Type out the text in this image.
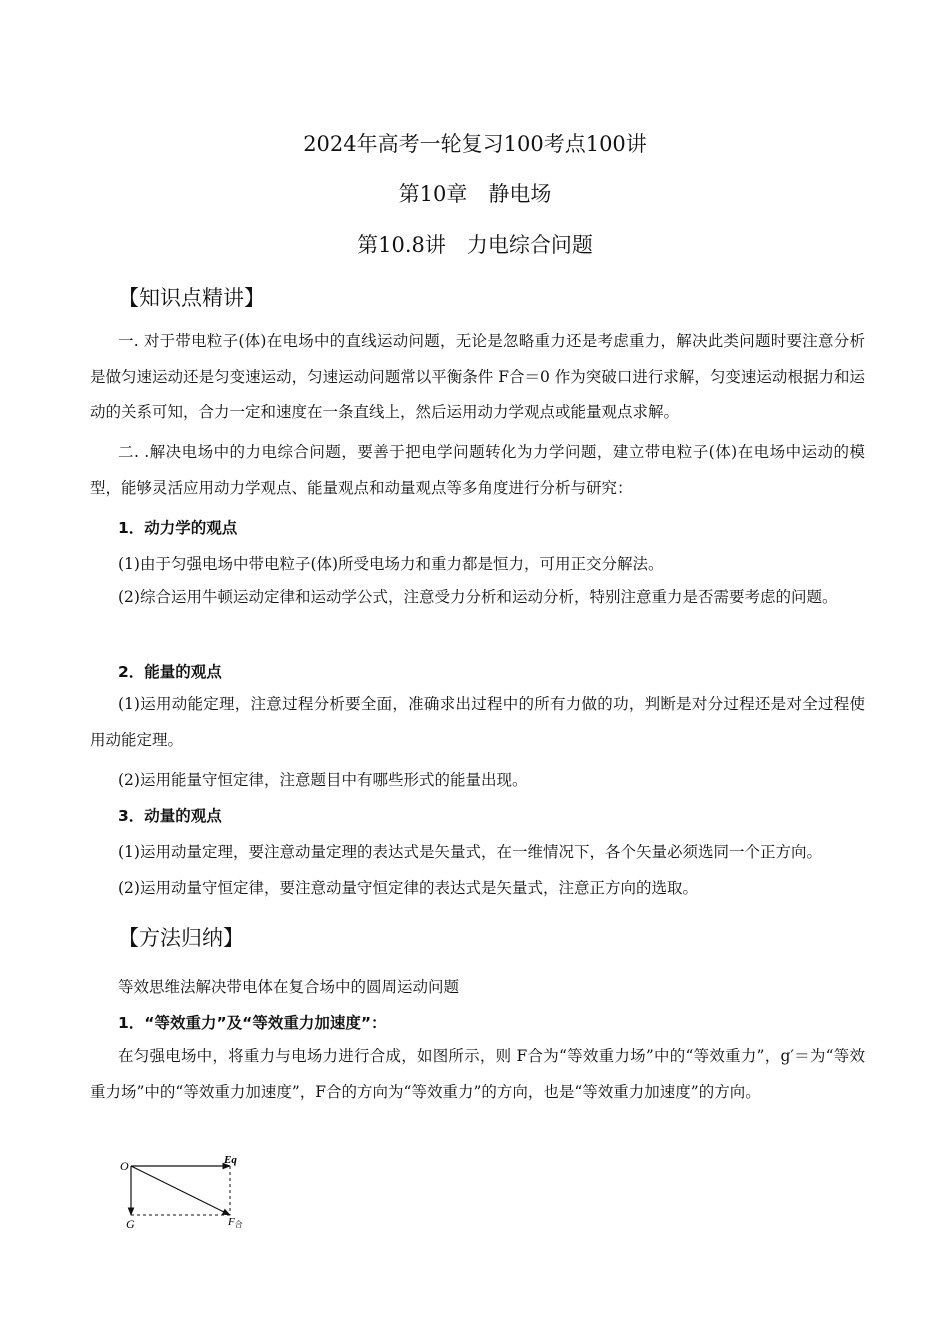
2024年高考一轮复习100考点100讲
第10章　静电场
第10.8讲　力电综合问题
【知识点精讲】

一. 对于带电粒子(体)在电场中的直线运动问题，无论是忽略重力还是考虑重力，解决此类问题时要注意分析是做匀速运动还是匀变速运动，匀速运动问题常以平衡条件 F合＝0 作为突破口进行求解，匀变速运动根据力和运动的关系可知，合力一定和速度在一条直线上，然后运用动力学观点或能量观点求解。

二. .解决电场中的力电综合问题，要善于把电学问题转化为力学问题，建立带电粒子(体)在电场中运动的模型，能够灵活应用动力学观点、能量观点和动量观点等多角度进行分析与研究：

1．动力学的观点
(1)由于匀强电场中带电粒子(体)所受电场力和重力都是恒力，可用正交分解法。

(2)综合运用牛顿运动定律和运动学公式，注意受力分析和运动分析，特别注意重力是否需要考虑的问题。

2．能量的观点

(1)运用动能定理，注意过程分析要全面，准确求出过程中的所有力做的功，判断是对分过程还是对全过程使用动能定理。

(2)运用能量守恒定律，注意题目中有哪些形式的能量出现。
3．动量的观点
(1)运用动量定理，要注意动量定理的表达式是矢量式，在一维情况下，各个矢量必须选同一个正方向。
(2)运用动量守恒定律，要注意动量守恒定律的表达式是矢量式，注意正方向的选取。
【方法归纳】
等效思维法解决带电体在复合场中的圆周运动问题
1．“等效重力”及“等效重力加速度”：

在匀强电场中，将重力与电场力进行合成，如图所示，则 F合为“等效重力场”中的“等效重力”，g′＝为“等效重力场”中的“等效重力加速度”，F合的方向为“等效重力”的方向，也是“等效重力加速度”的方向。

O	Eq
G	F合
